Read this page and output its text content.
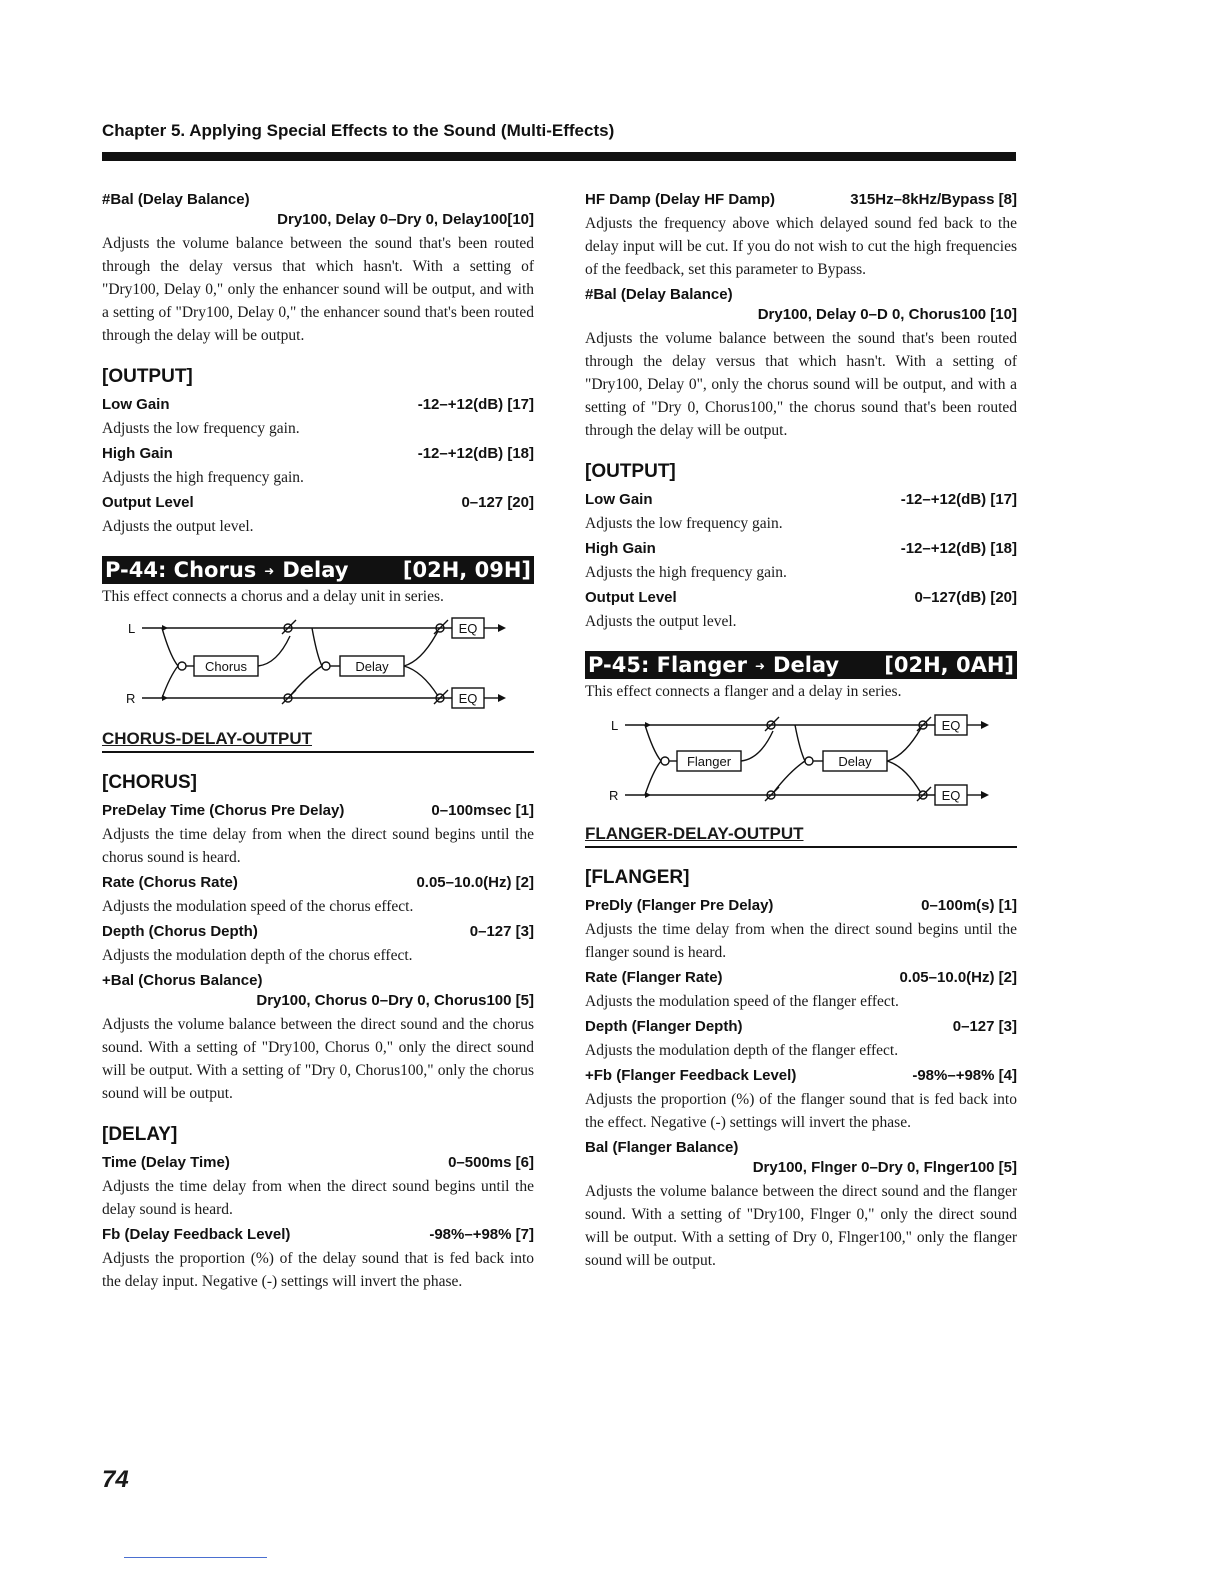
Chapter 5. Applying Special Effects to the Sound (Multi-Effects)
#Bal (Delay Balance)
Dry100, Delay 0–Dry 0, Delay100[10]
Adjusts the volume balance between the sound that's been routed through the delay versus that which hasn't. With a setting of "Dry100, Delay 0," only the enhancer sound will be output, and with a setting of "Dry100, Delay 0," the enhancer sound that's been routed through the delay will be output.
[OUTPUT]
Low Gain	-12–+12(dB) [17]
Adjusts the low frequency gain.
High Gain	-12–+12(dB) [18]
Adjusts the high frequency gain.
Output Level	0–127 [20]
Adjusts the output level.
P-44: Chorus ➜ Delay	[02H, 09H]
This effect connects a chorus and a delay unit in series.
L
R
Chorus	Delay
EQ
EQ
CHORUS-DELAY-OUTPUT
[CHORUS]
PreDelay Time (Chorus Pre Delay)	0–100msec [1]
Adjusts the time delay from when the direct sound begins until the chorus sound is heard.
Rate (Chorus Rate)	0.05–10.0(Hz) [2]
Adjusts the modulation speed of the chorus effect.
Depth (Chorus Depth)	0–127 [3]
Adjusts the modulation depth of the chorus effect.
+Bal (Chorus Balance)
Dry100, Chorus 0–Dry 0, Chorus100 [5]
Adjusts the volume balance between the direct sound and the chorus sound. With a setting of "Dry100, Chorus 0," only the direct sound will be output. With a setting of "Dry 0, Chorus100," only the chorus sound will be output.
[DELAY]
Time (Delay Time)	0–500ms [6]
Adjusts the time delay from when the direct sound begins until the delay sound is heard.
Fb (Delay Feedback Level)	-98%–+98% [7]
Adjusts the proportion (%) of the delay sound that is fed back into the delay input. Negative (-) settings will invert the phase.
HF Damp (Delay HF Damp)	315Hz–8kHz/Bypass [8]
Adjusts the frequency above which delayed sound fed back to the delay input will be cut. If you do not wish to cut the high frequencies of the feedback, set this parameter to Bypass.
#Bal (Delay Balance)
Dry100, Delay 0–D 0, Chorus100 [10]
Adjusts the volume balance between the sound that's been routed through the delay versus that which hasn't. With a setting of "Dry100, Delay 0", only the chorus sound will be output, and with a setting of "Dry 0, Chorus100," the chorus sound that's been routed through the delay will be output.
[OUTPUT]
Low Gain	-12–+12(dB) [17]
Adjusts the low frequency gain.
High Gain	-12–+12(dB) [18]
Adjusts the high frequency gain.
Output Level	0–127(dB) [20]
Adjusts the output level.
P-45: Flanger ➜ Delay [02H, 0AH]
This effect connects a flanger and a delay in series.
L
R
Flanger	Delay
EQ
EQ
FLANGER-DELAY-OUTPUT
[FLANGER]
PreDly (Flanger Pre Delay)	0–100m(s) [1]
Adjusts the time delay from when the direct sound begins until the flanger sound is heard.
Rate (Flanger Rate)	0.05–10.0(Hz) [2]
Adjusts the modulation speed of the flanger effect.
Depth (Flanger Depth)	0–127 [3]
Adjusts the modulation depth of the flanger effect.
+Fb (Flanger Feedback Level)	-98%–+98% [4]
Adjusts the proportion (%) of the flanger sound that is fed back into the effect. Negative (-) settings will invert the phase.
Bal (Flanger Balance)
Dry100, Flnger 0–Dry 0, Flnger100 [5]
Adjusts the volume balance between the direct sound and the flanger sound. With a setting of "Dry100, Flnger 0," only the direct sound will be output. With a setting of Dry 0, Flnger100," only the flanger sound will be output.
74
